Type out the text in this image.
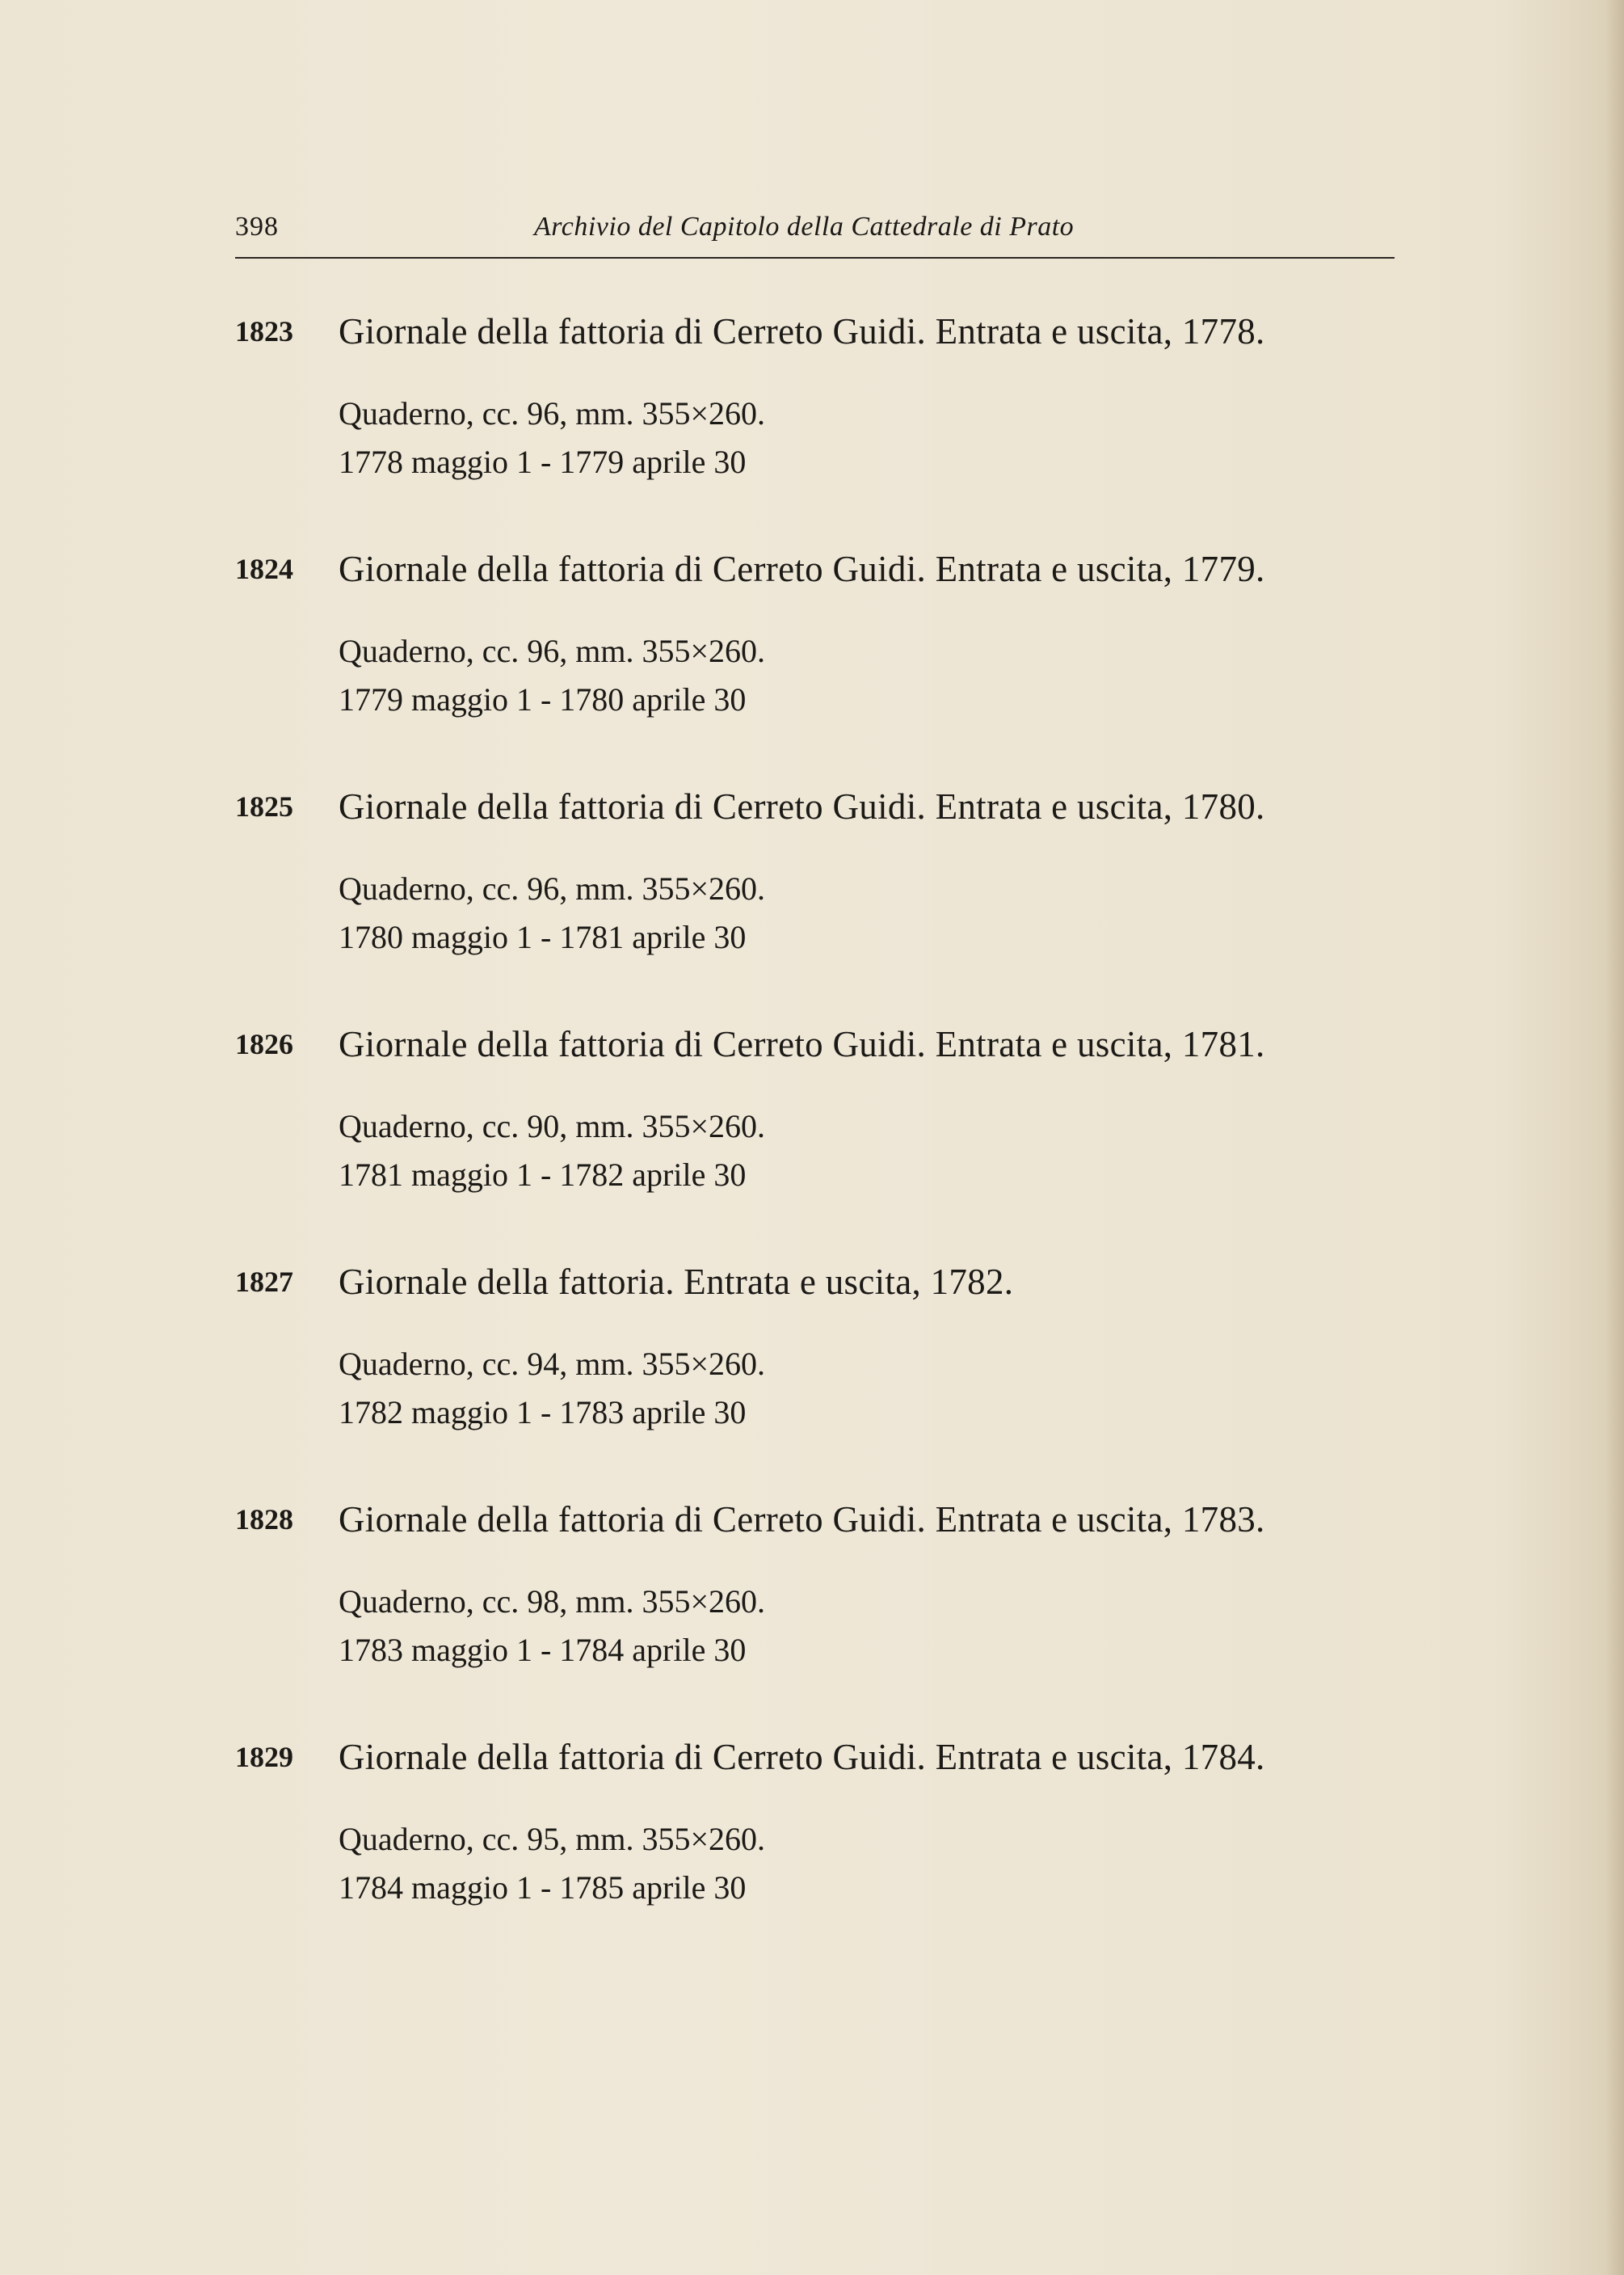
398	Archivio del Capitolo della Cattedrale di Prato
1823 Giornale della fattoria di Cerreto Guidi. Entrata e uscita, 1778.
Quaderno, cc. 96, mm. 355×260.
1778 maggio 1 - 1779 aprile 30
1824 Giornale della fattoria di Cerreto Guidi. Entrata e uscita, 1779.
Quaderno, cc. 96, mm. 355×260.
1779 maggio 1 - 1780 aprile 30
1825 Giornale della fattoria di Cerreto Guidi. Entrata e uscita, 1780.
Quaderno, cc. 96, mm. 355×260.
1780 maggio 1 - 1781 aprile 30
1826 Giornale della fattoria di Cerreto Guidi. Entrata e uscita, 1781.
Quaderno, cc. 90, mm. 355×260.
1781 maggio 1 - 1782 aprile 30
1827 Giornale della fattoria. Entrata e uscita, 1782.
Quaderno, cc. 94, mm. 355×260.
1782 maggio 1 - 1783 aprile 30
1828 Giornale della fattoria di Cerreto Guidi. Entrata e uscita, 1783.
Quaderno, cc. 98, mm. 355×260.
1783 maggio 1 - 1784 aprile 30
1829 Giornale della fattoria di Cerreto Guidi. Entrata e uscita, 1784.
Quaderno, cc. 95, mm. 355×260.
1784 maggio 1 - 1785 aprile 30
